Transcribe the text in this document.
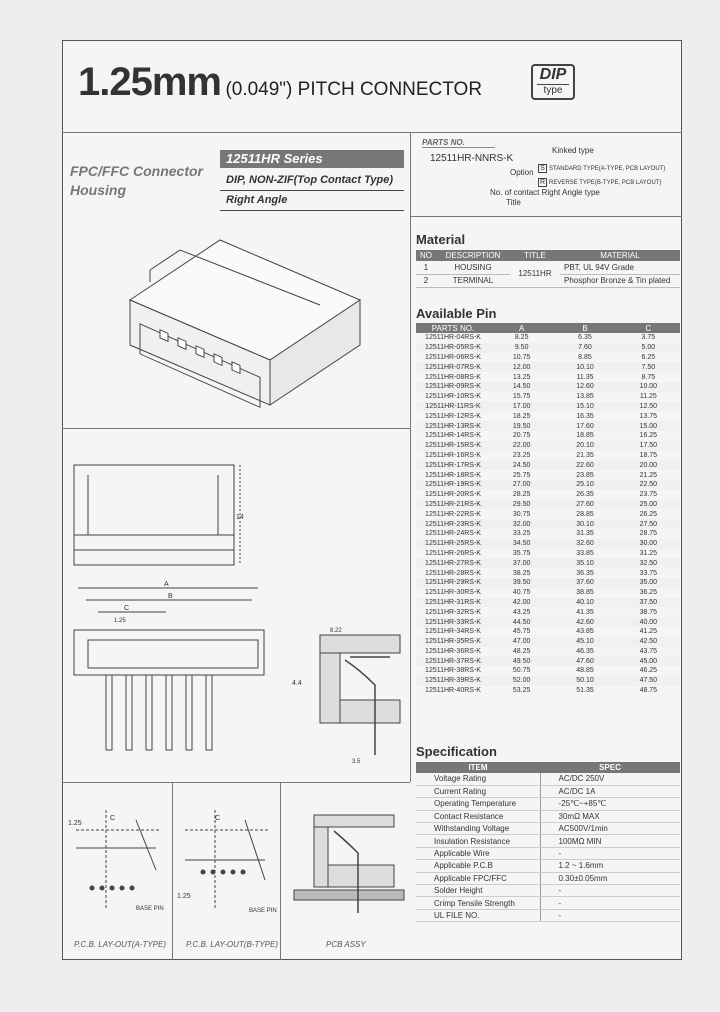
1.25mm (0.049") PITCH CONNECTOR
DIP
type
FPC/FFC Connector
Housing
12511HR Series
DIP, NON-ZIF(Top Contact Type)
Right Angle
PARTS NO.
12511HR-NNRS-K
Kinked type
Option S STANDARD TYPE(A-TYPE, PCB LAYOUT)
R REVERSE TYPE(B-TYPE, PCB LAYOUT)
No. of contact Right Angle type
Title
Material
NO	DESCRIPTION	TITLE	MATERIAL
1	HOUSING	12511HR	PBT, UL 94V Grade
2	TERMINAL		Phosphor Bronze & Tin plated
Available Pin
PARTS NO.	A	B	C
12511HR-04RS-K	8.25	6.35	3.75
12511HR-05RS-K	9.50	7.60	5.00
12511HR-06RS-K	10.75	8.85	6.25
12511HR-07RS-K	12.00	10.10	7.50
12511HR-08RS-K	13.25	11.35	8.75
12511HR-09RS-K	14.50	12.60	10.00
12511HR-10RS-K	15.75	13.85	11.25
12511HR-11RS-K	17.00	15.10	12.50
12511HR-12RS-K	18.25	16.35	13.75
12511HR-13RS-K	19.50	17.60	15.00
12511HR-14RS-K	20.75	18.85	16.25
12511HR-15RS-K	22.00	20.10	17.50
12511HR-16RS-K	23.25	21.35	18.75
12511HR-17RS-K	24.50	22.60	20.00
12511HR-18RS-K	25.75	23.85	21.25
12511HR-19RS-K	27.00	25.10	22.50
12511HR-20RS-K	28.25	26.35	23.75
12511HR-21RS-K	29.50	27.60	25.00
12511HR-22RS-K	30.75	28.85	26.25
12511HR-23RS-K	32.00	30.10	27.50
12511HR-24RS-K	33.25	31.35	28.75
12511HR-25RS-K	34.50	32.60	30.00
12511HR-26RS-K	35.75	33.85	31.25
12511HR-27RS-K	37.00	35.10	32.50
12511HR-28RS-K	38.25	36.35	33.75
12511HR-29RS-K	39.50	37.60	35.00
12511HR-30RS-K	40.75	38.85	36.25
12511HR-31RS-K	42.00	40.10	37.50
12511HR-32RS-K	43.25	41.35	38.75
12511HR-33RS-K	44.50	42.60	40.00
12511HR-34RS-K	45.75	43.85	41.25
12511HR-35RS-K	47.00	45.10	42.50
12511HR-36RS-K	48.25	46.35	43.75
12511HR-37RS-K	49.50	47.60	45.00
12511HR-38RS-K	50.75	48.85	46.25
12511HR-39RS-K	52.00	50.10	47.50
12511HR-40RS-K	53.25	51.35	48.75
Specification
ITEM	SPEC
Voltage Rating	AC/DC 250V
Current Rating	AC/DC 1A
Operating Temperature	-25℃~+85℃
Contact Resistance	30mΩ MAX
Withstanding Voltage	AC500V/1min
Insulation Resistance	100MΩ MIN
Applicable Wire	-
Applicable P.C.B	1.2 ~ 1.6mm
Applicable FPC/FFC	0.30±0.05mm
Solder Height	-
Crimp Tensile Strength	-
UL FILE NO.	-
14
A
B
C
1.25
8.22
4.4
3.5
1.25
C
BASE PIN
1.25
C
BASE PIN
P.C.B. LAY-OUT(A-TYPE) P.C.B. LAY-OUT(B-TYPE)	PCB ASSY
